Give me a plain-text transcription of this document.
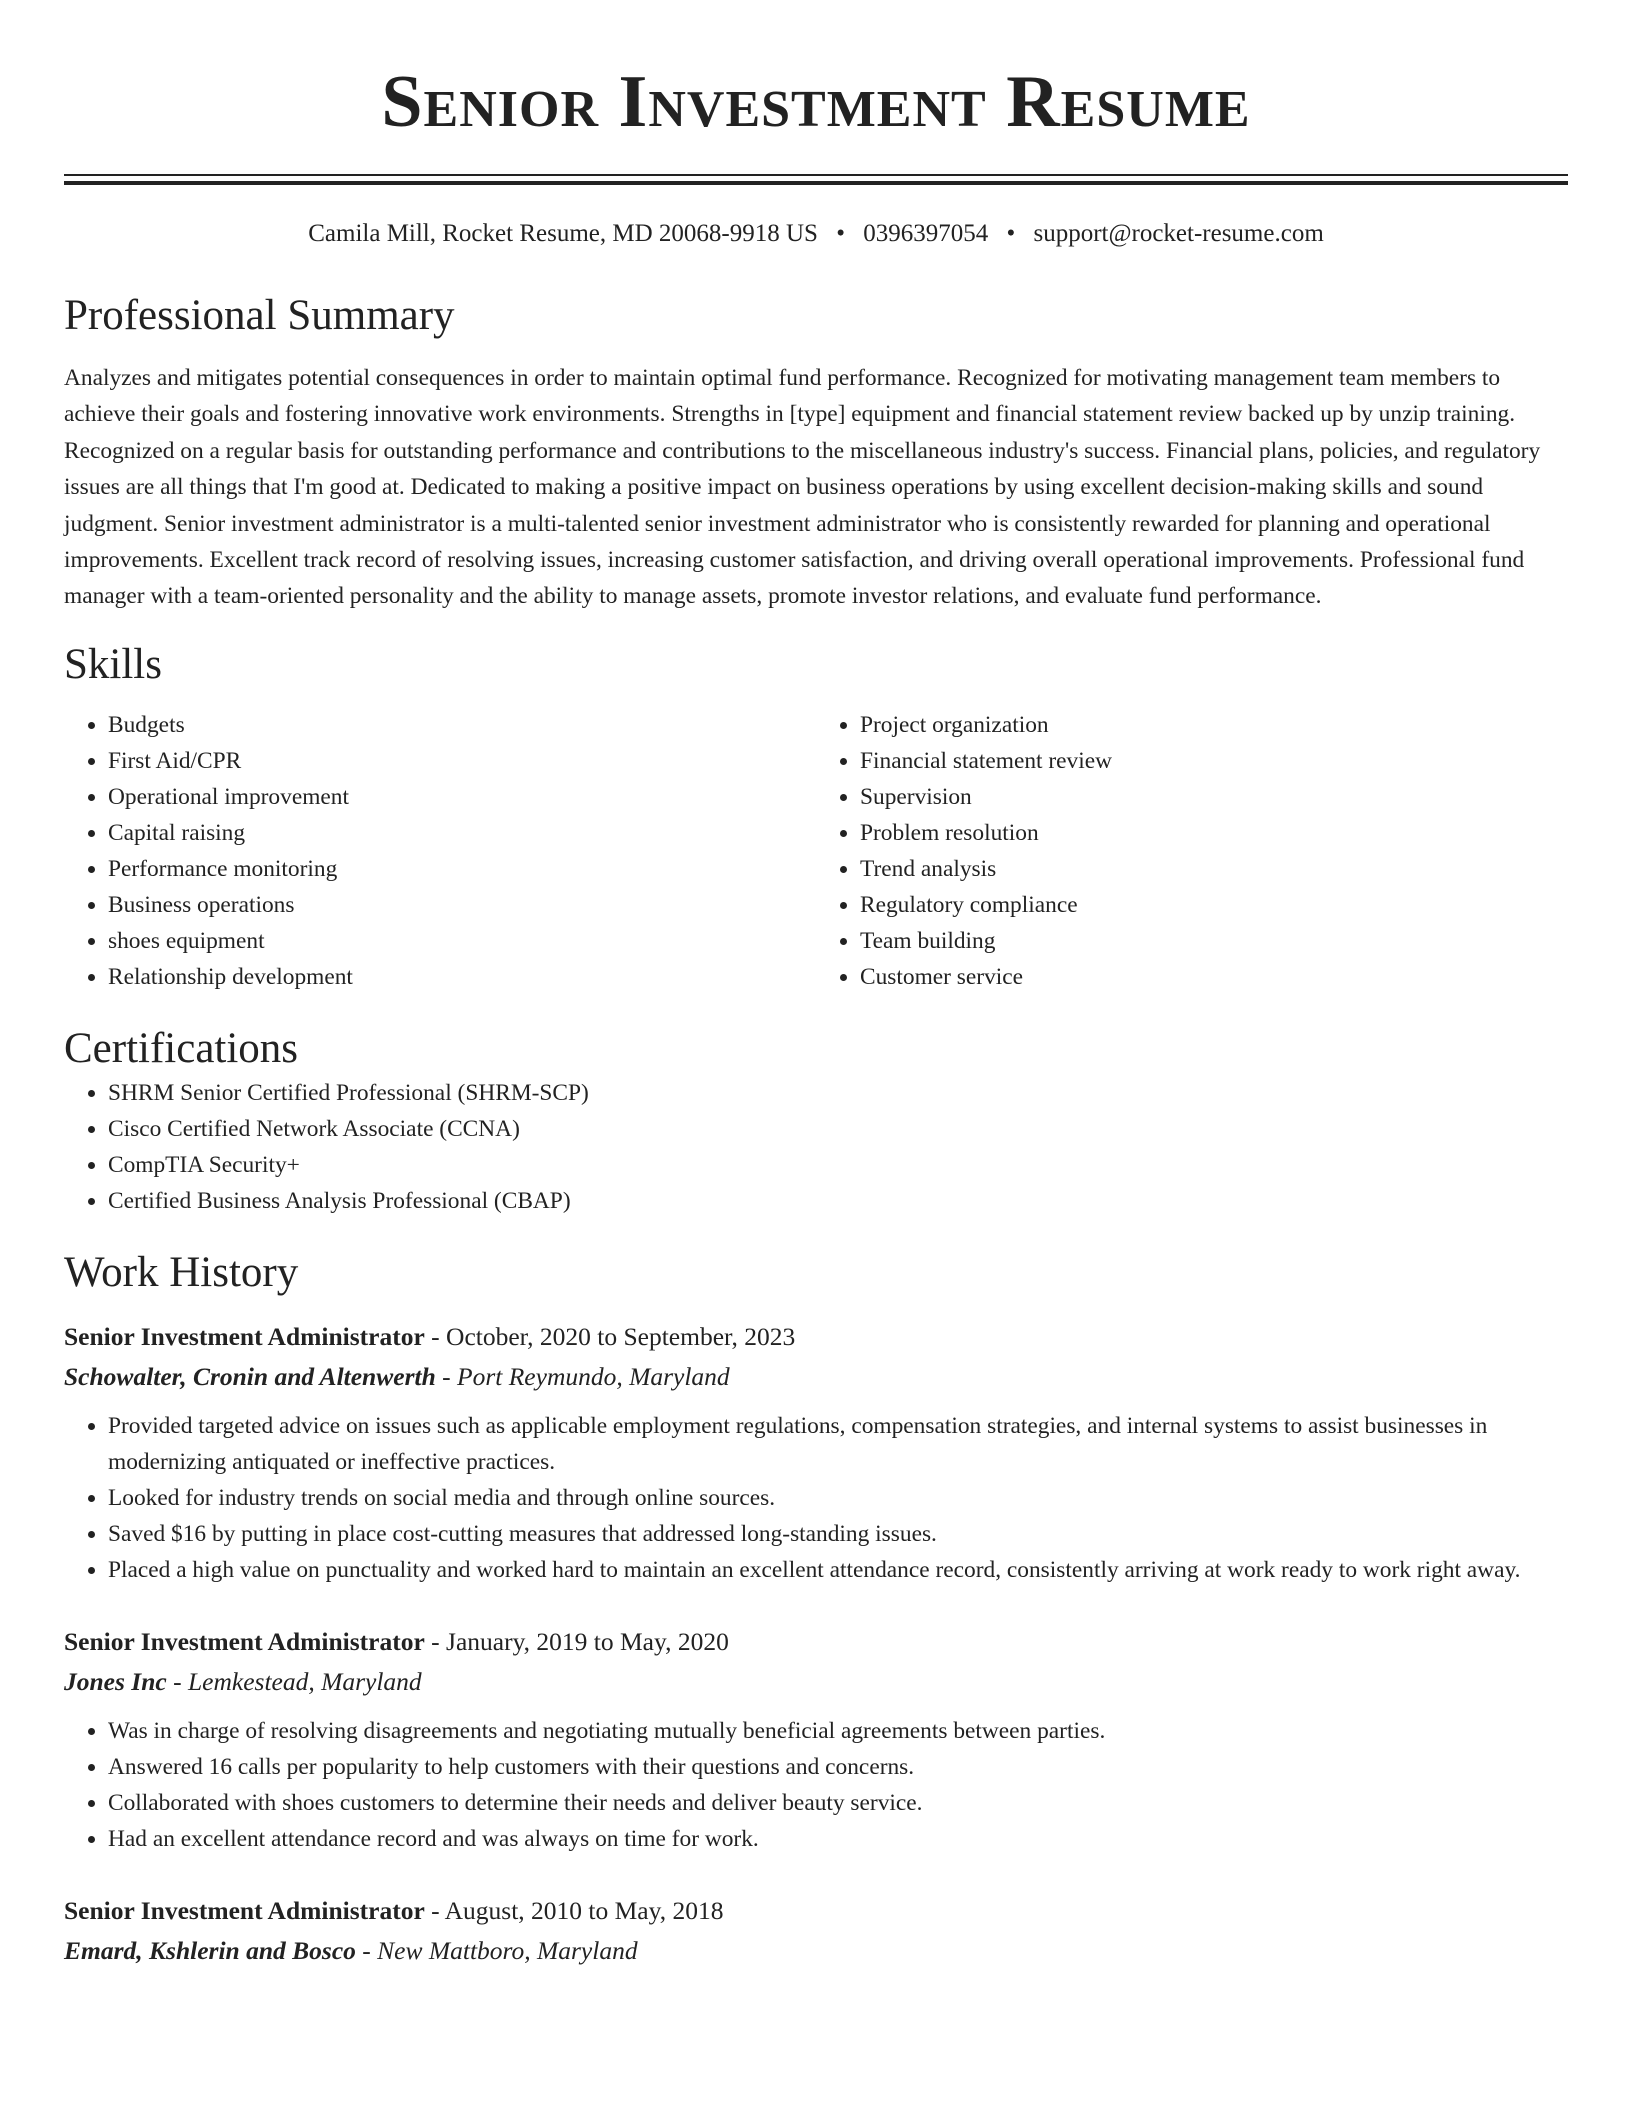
Senior Investment Resume
Camila Mill, Rocket Resume, MD 20068-9918 US • 0396397054 • support@rocket-resume.com
Professional Summary

Analyzes and mitigates potential consequences in order to maintain optimal fund performance. Recognized for motivating management team members to achieve their goals and fostering innovative work environments. Strengths in [type] equipment and financial statement review backed up by unzip training. Recognized on a regular basis for outstanding performance and contributions to the miscellaneous industry's success. Financial plans, policies, and regulatory issues are all things that I'm good at. Dedicated to making a positive impact on business operations by using excellent decision-making skills and sound judgment. Senior investment administrator is a multi-talented senior investment administrator who is consistently rewarded for planning and operational improvements. Excellent track record of resolving issues, increasing customer satisfaction, and driving overall operational improvements. Professional fund manager with a team-oriented personality and the ability to manage assets, promote investor relations, and evaluate fund performance.

Skills
• Budgets
• First Aid/CPR
• Operational improvement
• Capital raising
• Performance monitoring
• Business operations
• shoes equipment
• Relationship development
• Project organization
• Financial statement review
• Supervision
• Problem resolution
• Trend analysis
• Regulatory compliance
• Team building
• Customer service
Certifications
• SHRM Senior Certified Professional (SHRM-SCP)
• Cisco Certified Network Associate (CCNA)
• CompTIA Security+
• Certified Business Analysis Professional (CBAP)
Work History
Senior Investment Administrator - October, 2020 to September, 2023
Schowalter, Cronin and Altenwerth - Port Reymundo, Maryland
• Provided targeted advice on issues such as applicable employment regulations, compensation strategies, and internal systems to assist businesses in modernizing antiquated or ineffective practices.
• Looked for industry trends on social media and through online sources.
• Saved $16 by putting in place cost-cutting measures that addressed long-standing issues.
• Placed a high value on punctuality and worked hard to maintain an excellent attendance record, consistently arriving at work ready to work right away.
Senior Investment Administrator - January, 2019 to May, 2020
Jones Inc - Lemkestead, Maryland
• Was in charge of resolving disagreements and negotiating mutually beneficial agreements between parties.
• Answered 16 calls per popularity to help customers with their questions and concerns.
• Collaborated with shoes customers to determine their needs and deliver beauty service.
• Had an excellent attendance record and was always on time for work.
Senior Investment Administrator - August, 2010 to May, 2018
Emard, Kshlerin and Bosco - New Mattboro, Maryland
